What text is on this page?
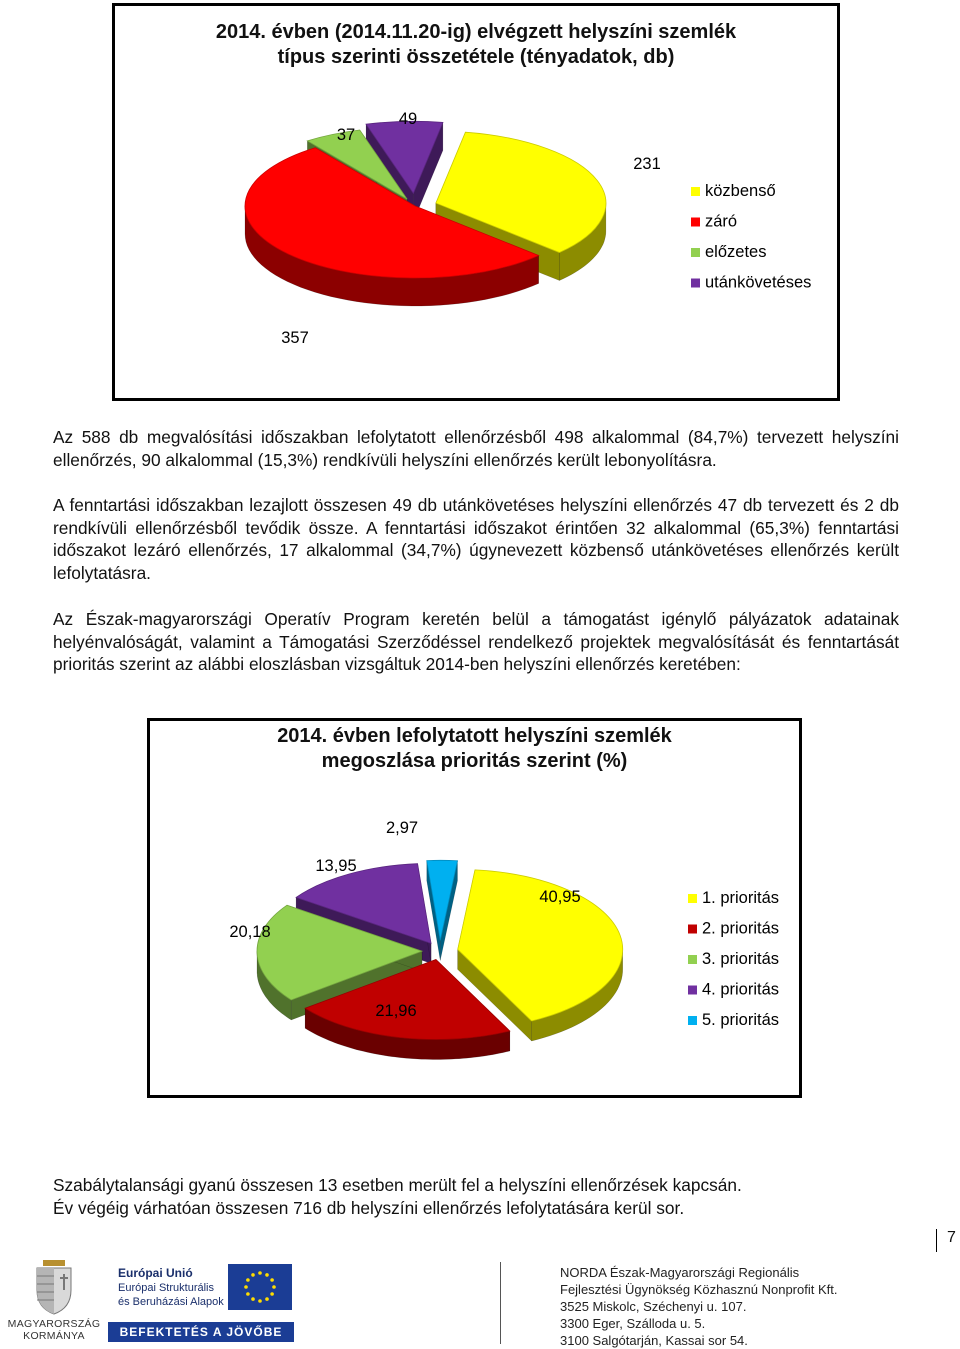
2014. évben (2014.11.20-ig) elvégzett helyszíni szemlék
típus szerinti összetétele (tényadatok, db)
231
357
37
49
közbenső
záró
előzetes
utánkövetéses

Az 588 db megvalósítási időszakban lefolytatott ellenőrzésből 498 alkalommal (84,7%) tervezett helyszíni ellenőrzés, 90 alkalommal (15,3%) rendkívüli helyszíni ellenőrzés került lebonyolításra.

A fenntartási időszakban lezajlott összesen 49 db utánkövetéses helyszíni ellenőrzés 47 db tervezett és 2 db rendkívüli ellenőrzésből tevődik össze. A fenntartási időszakot érintően 32 alkalommal (65,3%) fenntartási időszakot lezáró ellenőrzés, 17 alkalommal (34,7%) úgynevezett közbenső utánkövetéses ellenőrzés került lefolytatásra.

Az Észak-magyarországi Operatív Program keretén belül a támogatást igénylő pályázatok adatainak helyénvalóságát, valamint a Támogatási Szerződéssel rendelkező projektek megvalósítását és fenntartását prioritás szerint az alábbi eloszlásban vizsgáltuk 2014-ben helyszíni ellenőrzés keretében:

2014. évben lefolytatott helyszíni szemlék
megoszlása prioritás szerint (%)
40,95
21,96
20,18
13,95
2,97
1. prioritás
2. prioritás
3. prioritás
4. prioritás
5. prioritás
Szabálytalansági gyanú összesen 13 esetben merült fel a helyszíni ellenőrzések kapcsán.
Év végéig várhatóan összesen 716 db helyszíni ellenőrzés lefolytatására kerül sor.
7
MAGYARORSZÁG
KORMÁNYA
Európai Unió
Európai Strukturális
és Beruházási Alapok
BEFEKTETÉS A JÖVŐBE
NORDA Észak-Magyarországi Regionális
Fejlesztési Ügynökség Közhasznú Nonprofit Kft.
3525 Miskolc, Széchenyi u. 107.
3300 Eger, Szálloda u. 5.
3100 Salgótarján, Kassai sor 54.
